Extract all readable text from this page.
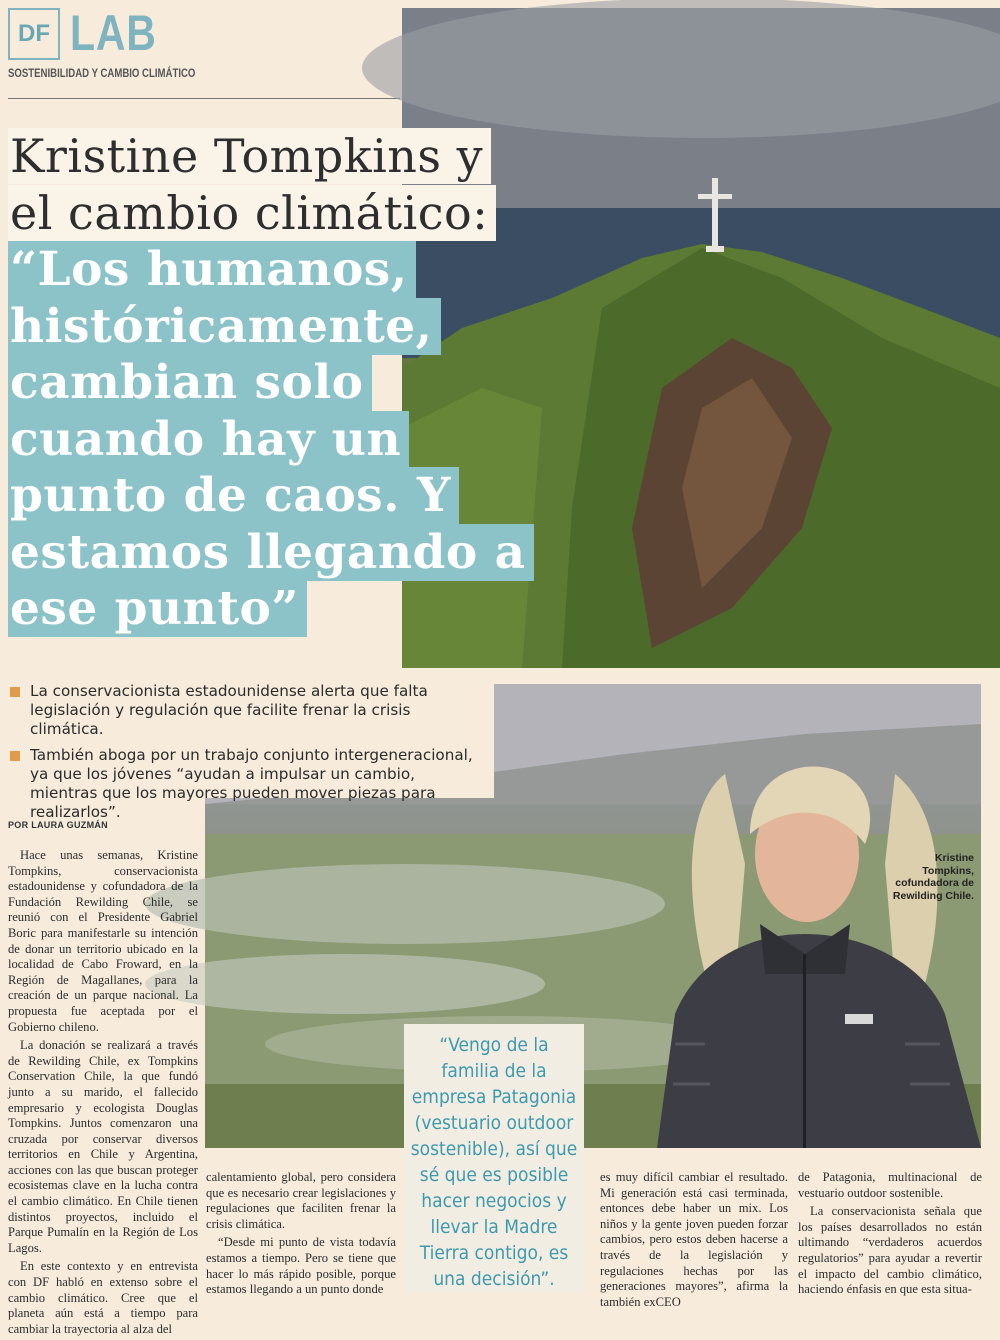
DF LAB
SOSTENIBILIDAD Y CAMBIO CLIMÁTICO
Kristine Tompkins y
el cambio climático:
“Los humanos,
históricamente,
cambian solo
cuando hay un
punto de caos. Y
estamos llegando a
ese punto”
Kristine Tompkins, cofundadora de Rewilding Chile.
La conservacionista estadounidense alerta que falta legislación y regulación que facilite frenar la crisis climática.
También aboga por un trabajo conjunto intergeneracional, ya que los jóvenes “ayudan a impulsar un cambio, mientras que los mayores pueden mover piezas para realizarlos”.
POR LAURA GUZMÁN

Hace unas semanas, Kristine Tompkins, conservacionista estadounidense y cofundadora de la Fundación Rewilding Chile, se reunió con el Presidente Gabriel Boric para manifestarle su intención de donar un territorio ubicado en la localidad de Cabo Froward, en la Región de Magallanes, para la creación de un parque nacional. La propuesta fue aceptada por el Gobierno chileno.

La donación se realizará a través de Rewilding Chile, ex Tompkins Conservation Chile, la que fundó junto a su marido, el fallecido empresario y ecologista Douglas Tompkins. Juntos comenzaron una cruzada por conservar diversos territorios en Chile y Argentina, acciones con las que buscan proteger ecosistemas clave en la lucha contra el cambio climático. En Chile tienen distintos proyectos, incluido el Parque Pumalín en la Región de Los Lagos.

En este contexto y en entrevista con DF habló en extenso sobre el cambio climático. Cree que el planeta aún está a tiempo para cambiar la trayectoria al alza del

calentamiento global, pero considera que es necesario crear legislaciones y regulaciones que faciliten frenar la crisis climática.

“Desde mi punto de vista todavía estamos a tiempo. Pero se tiene que hacer lo más rápido posible, porque estamos llegando a un punto donde

es muy difícil cambiar el resultado. Mi generación está casi terminada, entonces debe haber un mix. Los niños y la gente joven pueden forzar cambios, pero estos deben hacerse a través de la legislación y regulaciones hechas por las generaciones mayores”, afirma la también exCEO

de Patagonia, multinacional de vestuario outdoor sostenible.

La conservacionista señala que los países desarrollados no están ultimando “verdaderos acuerdos regulatorios” para ayudar a revertir el impacto del cambio climático, haciendo énfasis en que esta situa-

“Vengo de la familia de la empresa Patagonia (vestuario outdoor sostenible), así que sé que es posible hacer negocios y llevar la Madre Tierra contigo, es una decisión”.
